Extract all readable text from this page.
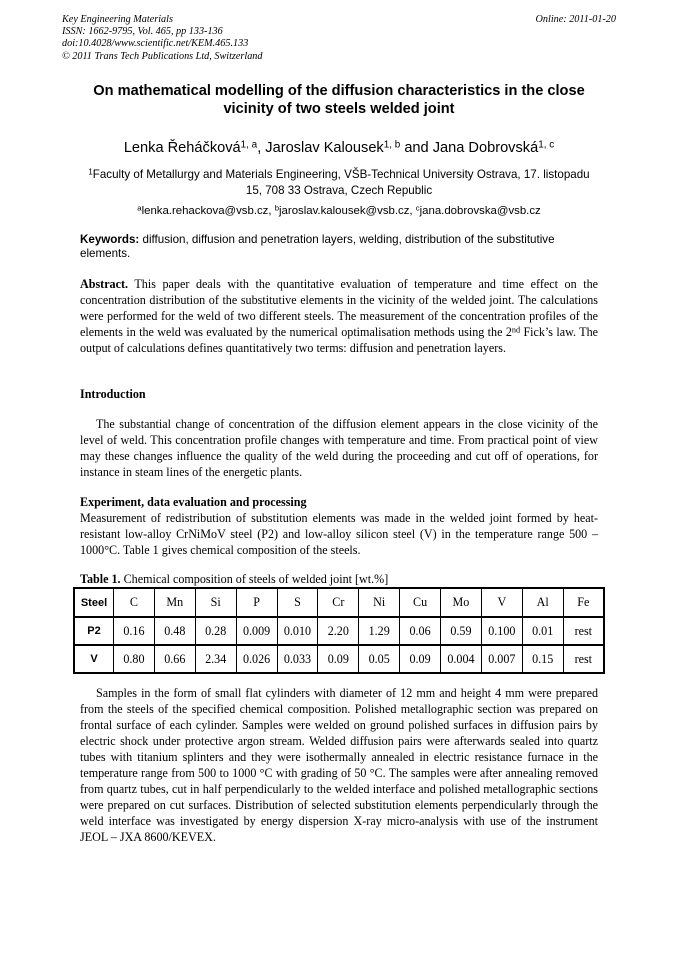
Key Engineering Materials
ISSN: 1662-9795, Vol. 465, pp 133-136
doi:10.4028/www.scientific.net/KEM.465.133
© 2011 Trans Tech Publications Ltd, Switzerland
Online: 2011-01-20
On mathematical modelling of the diffusion characteristics in the close vicinity of two steels welded joint
Lenka Řeháčková$^{1, a}$, Jaroslav Kalousek$^{1, b}$ and Jana Dobrovská$^{1, c}$
$^1$Faculty of Metallurgy and Materials Engineering, VŠB-Technical University Ostrava, 17. listopadu 15, 708 33 Ostrava, Czech Republic
$^a$lenka.rehackova@vsb.cz, $^b$jaroslav.kalousek@vsb.cz, $^c$jana.dobrovska@vsb.cz
Keywords: diffusion, diffusion and penetration layers, welding, distribution of the substitutive elements.
Abstract. This paper deals with the quantitative evaluation of temperature and time effect on the concentration distribution of the substitutive elements in the vicinity of the welded joint. The calculations were performed for the weld of two different steels. The measurement of the concentration profiles of the elements in the weld was evaluated by the numerical optimalisation methods using the 2nd Fick’s law. The output of calculations defines quantitatively two terms: diffusion and penetration layers.
Introduction
The substantial change of concentration of the diffusion element appears in the close vicinity of the level of weld. This concentration profile changes with temperature and time. From practical point of view may these changes influence the quality of the weld during the proceeding and cut off of operations, for instance in steam lines of the energetic plants.
Experiment, data evaluation and processing
Measurement of redistribution of substitution elements was made in the welded joint formed by heat-resistant low-alloy CrNiMoV steel (P2) and low-alloy silicon steel (V) in the temperature range 500 – 1000°C. Table 1 gives chemical composition of the steels.
Table 1. Chemical composition of steels of welded joint [wt.%]
Steel	C	Mn	Si	P	S	Cr	Ni	Cu	Mo	V	Al	Fe
P2	0.16	0.48	0.28	0.009	0.010	2.20	1.29	0.06	0.59	0.100	0.01	rest
V	0.80	0.66	2.34	0.026	0.033	0.09	0.05	0.09	0.004	0.007	0.15	rest
Samples in the form of small flat cylinders with diameter of 12 mm and height 4 mm were prepared from the steels of the specified chemical composition. Polished metallographic section was prepared on frontal surface of each cylinder. Samples were welded on ground polished surfaces in diffusion pairs by electric shock under protective argon stream. Welded diffusion pairs were afterwards sealed into quartz tubes with titanium splinters and they were isothermally annealed in electric resistance furnace in the temperature range from 500 to 1000 °C with grading of 50 °C. The samples were after annealing removed from quartz tubes, cut in half perpendicularly to the welded interface and polished metallographic sections were prepared on cut surfaces. Distribution of selected substitution elements perpendicularly through the weld interface was investigated by energy dispersion X-ray micro-analysis with use of the instrument JEOL – JXA 8600/KEVEX.
